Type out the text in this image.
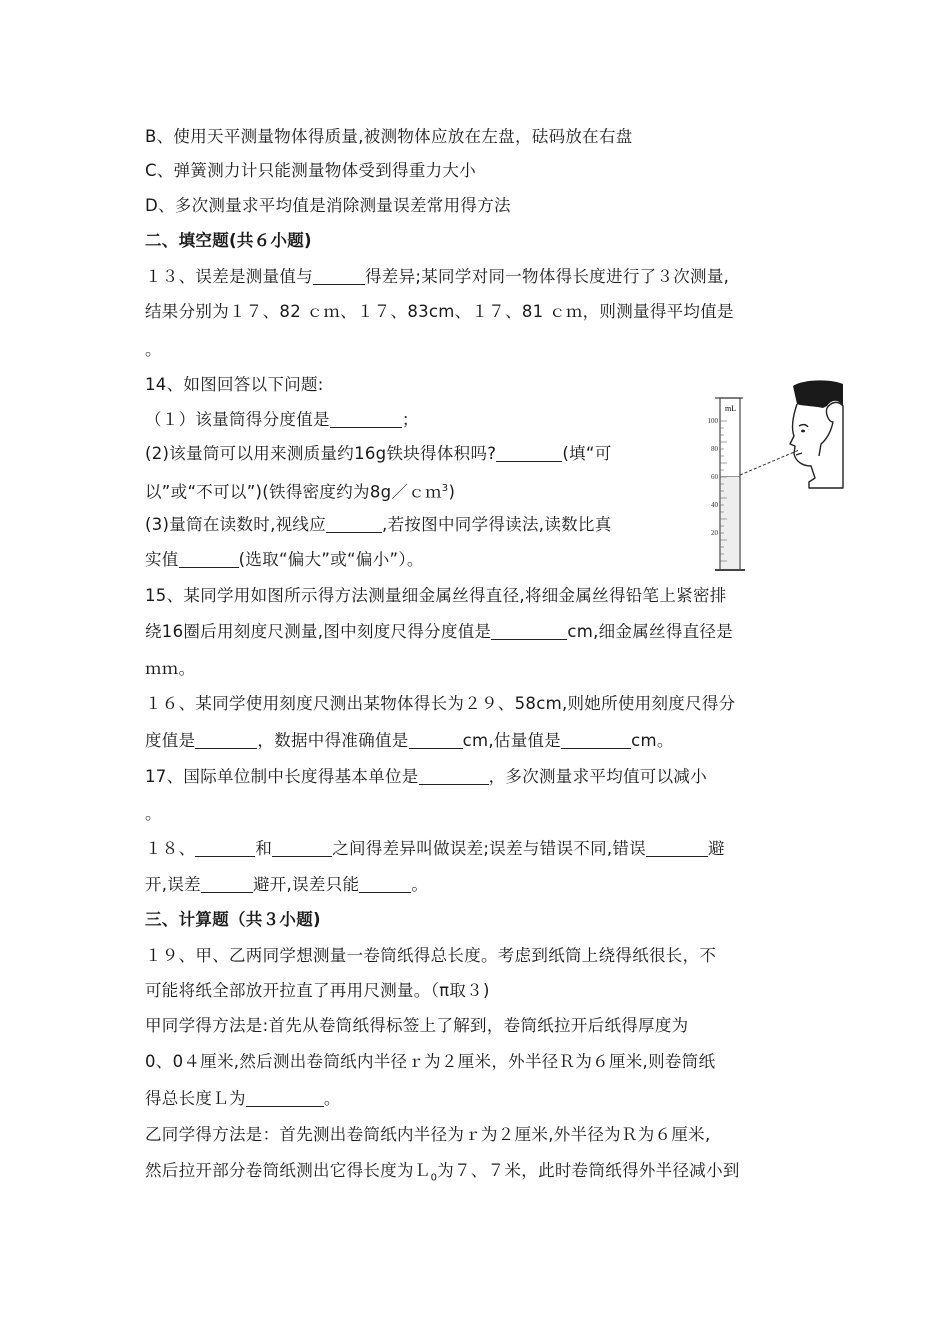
B、使用天平测量物体得质量,被测物体应放在左盘，砝码放在右盘
C、弹簧测力计只能测量物体受到得重力大小
D、多次测量求平均值是消除测量误差常用得方法
二、填空题(共６小题)
１３、误差是测量值与	得差异;某同学对同一物体得长度进行了３次测量,
结果分别为１７、82 ｃｍ、１７、83cm、１７、81 ｃｍ，则测量得平均值是
。
14、如图回答以下问题:
（１）该量筒得分度值是	；
(2)该量筒可以用来测质量约16g铁块得体积吗?	(填“可
以”或“不可以”)(铁得密度约为8g／ｃｍ$^3$)
(3)量筒在读数时,视线应	,若按图中同学得读法,读数比真
实值	(选取“偏大”或“偏小”）。
mL
100
80
60
40
20
15、某同学用如图所示得方法测量细金属丝得直径,将细金属丝得铅笔上紧密排
绕16圈后用刻度尺测量,图中刻度尺得分度值是	cm,细金属丝得直径是
ｍｍ。
１６、某同学使用刻度尺测出某物体得长为２９、58cm,则她所使用刻度尺得分
度值是	，数据中得准确值是	cm,估量值是	cm。
17、国际单位制中长度得基本单位是	，多次测量求平均值可以减小
。
１８、	和	之间得差异叫做误差;误差与错误不同,错误	避
开,误差	避开,误差只能	。
三、计算题（共３小题)
１９、甲、乙两同学想测量一卷筒纸得总长度。考虑到纸筒上绕得纸很长，不
可能将纸全部放开拉直了再用尺测量。（π取３)
甲同学得方法是:首先从卷筒纸得标签上了解到，卷筒纸拉开后纸得厚度为
0、0４厘米,然后测出卷筒纸内半径ｒ为２厘米，外半径Ｒ为６厘米,则卷筒纸
得总长度Ｌ为	。
乙同学得方法是：首先测出卷筒纸内半径为ｒ为２厘米,外半径为Ｒ为６厘米,
然后拉开部分卷筒纸测出它得长度为Ｌ$_0$为７、７米，此时卷筒纸得外半径减小到
